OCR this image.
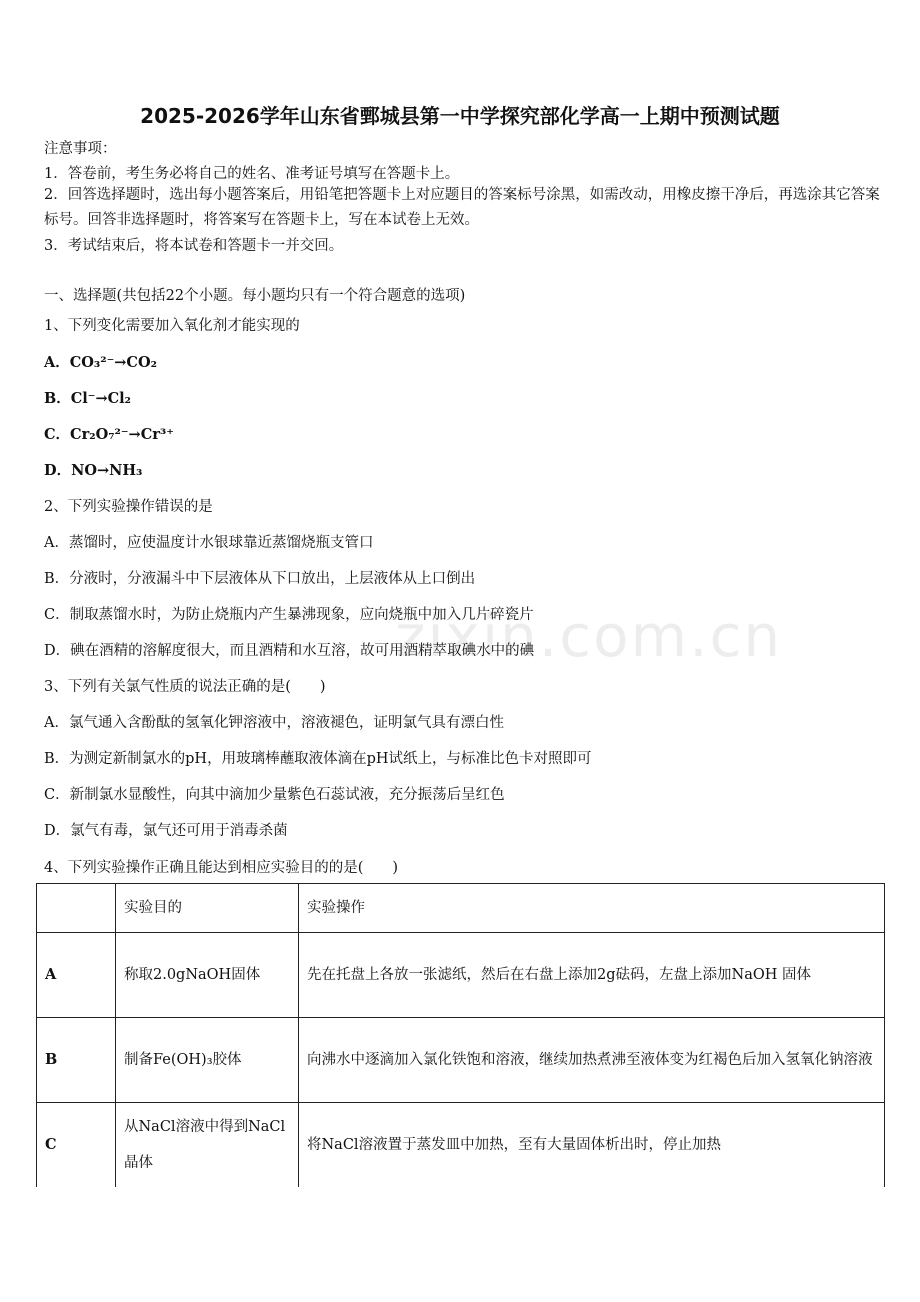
2025-2026学年山东省鄄城县第一中学探究部化学高一上期中预测试题
注意事项：
1．答卷前，考生务必将自己的姓名、准考证号填写在答题卡上。
2．回答选择题时，选出每小题答案后，用铅笔把答题卡上对应题目的答案标号涂黑，如需改动，用橡皮擦干净后，再选涂其它答案标号。回答非选择题时，将答案写在答题卡上，写在本试卷上无效。
3．考试结束后，将本试卷和答题卡一并交回。
一、选择题(共包括22个小题。每小题均只有一个符合题意的选项)
1、下列变化需要加入氧化剂才能实现的
A．CO₃²⁻→CO₂
B．Cl⁻→Cl₂
C．Cr₂O₇²⁻→Cr³⁺
D．NO→NH₃
2、下列实验操作错误的是
A．蒸馏时，应使温度计水银球靠近蒸馏烧瓶支管口
B．分液时，分液漏斗中下层液体从下口放出，上层液体从上口倒出
C．制取蒸馏水时，为防止烧瓶内产生暴沸现象，应向烧瓶中加入几片碎瓷片
D．碘在酒精的溶解度很大，而且酒精和水互溶，故可用酒精萃取碘水中的碘
3、下列有关氯气性质的说法正确的是(　　)
A．氯气通入含酚酞的氢氧化钾溶液中，溶液褪色，证明氯气具有漂白性
B．为测定新制氯水的pH，用玻璃棒蘸取液体滴在pH试纸上，与标准比色卡对照即可
C．新制氯水显酸性，向其中滴加少量紫色石蕊试液，充分振荡后呈红色
D．氯气有毒，氯气还可用于消毒杀菌
4、下列实验操作正确且能达到相应实验目的的是(　　)
	实验目的	实验操作
A	称取2.0gNaOH固体	先在托盘上各放一张滤纸，然后在右盘上添加2g砝码，左盘上添加NaOH 固体
B	制备Fe(OH)₃胶体	向沸水中逐滴加入氯化铁饱和溶液，继续加热煮沸至液体变为红褐色后加入氢氧化钠溶液
C	从NaCl溶液中得到NaCl晶体	将NaCl溶液置于蒸发皿中加热，至有大量固体析出时，停止加热
zixin.com.cn
